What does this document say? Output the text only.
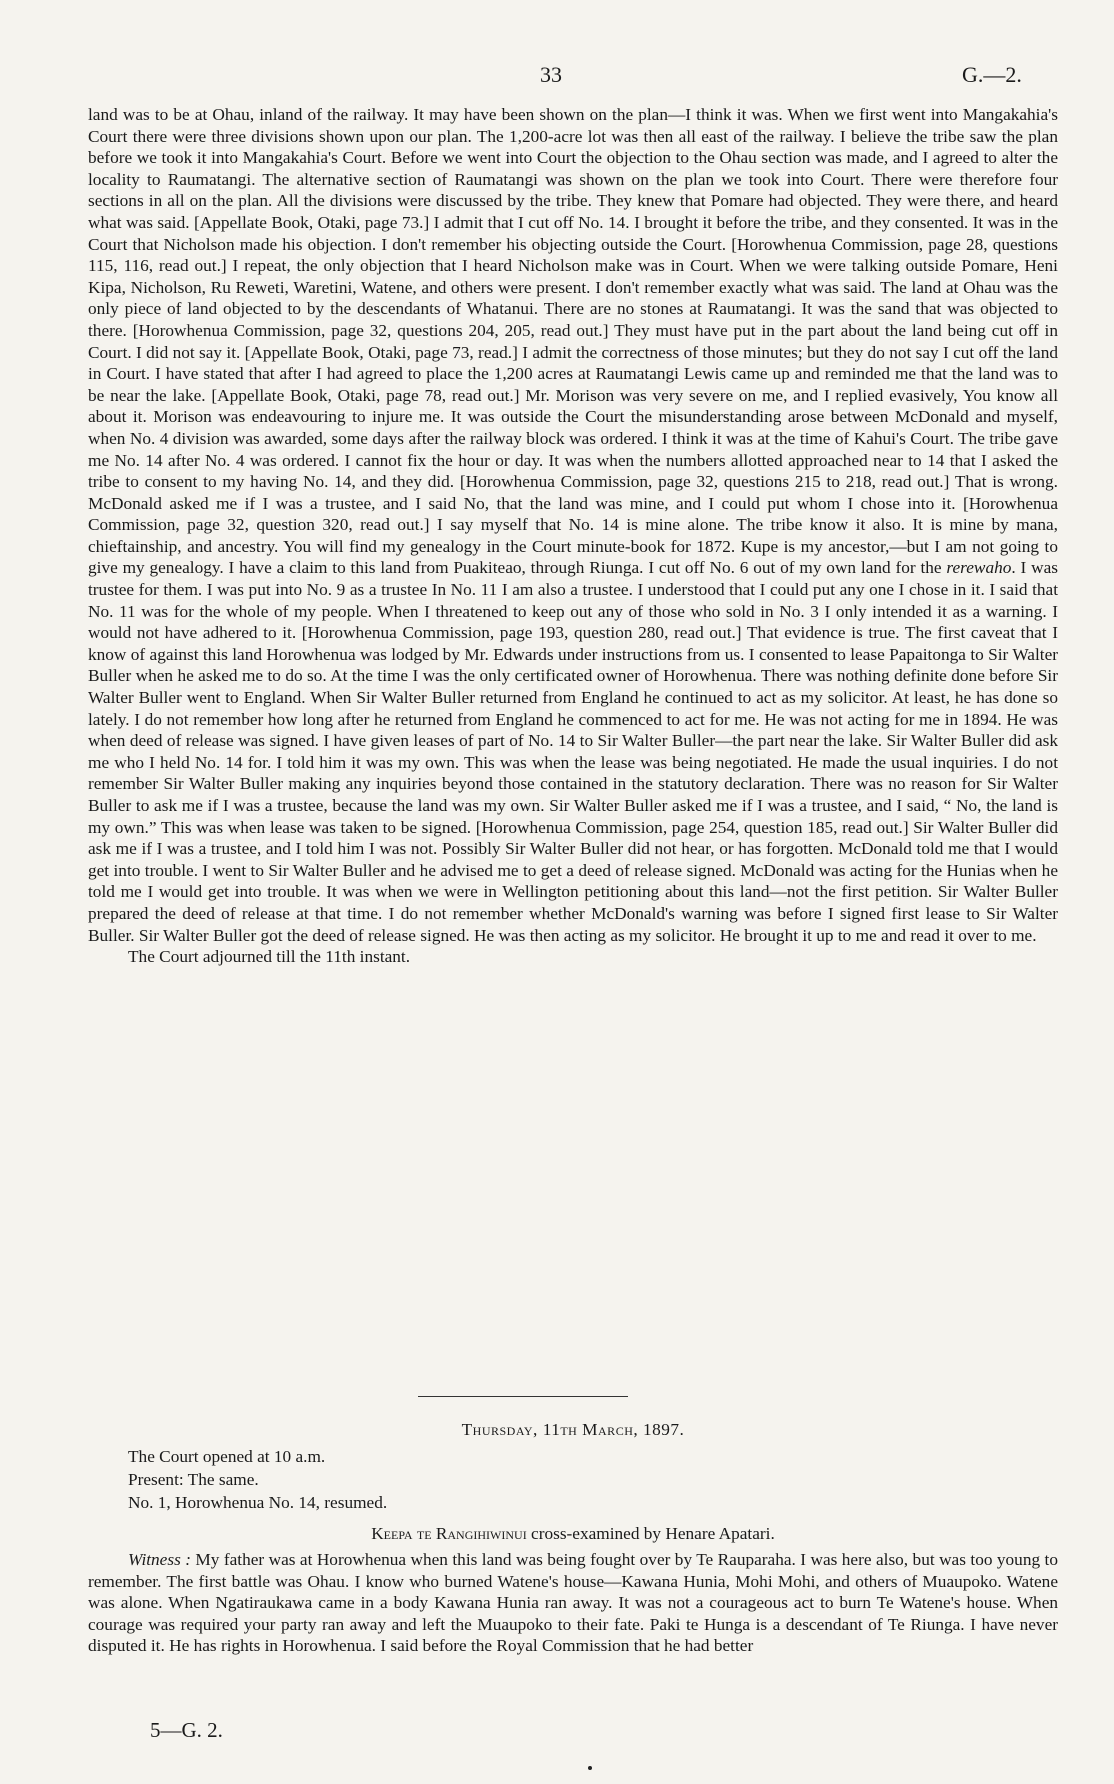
33	G.—2.

land was to be at Ohau, inland of the railway. It may have been shown on the plan—I think it was. When we first went into Mangakahia's Court there were three divisions shown upon our plan. The 1,200-acre lot was then all east of the railway. I believe the tribe saw the plan before we took it into Mangakahia's Court. Before we went into Court the objection to the Ohau section was made, and I agreed to alter the locality to Raumatangi. The alternative section of Raumatangi was shown on the plan we took into Court. There were therefore four sections in all on the plan. All the divisions were discussed by the tribe. They knew that Pomare had objected. They were there, and heard what was said. [Appellate Book, Otaki, page 73.] I admit that I cut off No. 14. I brought it before the tribe, and they consented. It was in the Court that Nicholson made his objection. I don't remember his objecting outside the Court. [Horowhenua Commission, page 28, questions 115, 116, read out.] I repeat, the only objection that I heard Nicholson make was in Court. When we were talking outside Pomare, Heni Kipa, Nicholson, Ru Reweti, Waretini, Watene, and others were present. I don't remember exactly what was said. The land at Ohau was the only piece of land objected to by the descendants of Whatanui. There are no stones at Raumatangi. It was the sand that was objected to there. [Horowhenua Commission, page 32, questions 204, 205, read out.] They must have put in the part about the land being cut off in Court. I did not say it. [Appellate Book, Otaki, page 73, read.] I admit the correctness of those minutes; but they do not say I cut off the land in Court. I have stated that after I had agreed to place the 1,200 acres at Raumatangi Lewis came up and reminded me that the land was to be near the lake. [Appellate Book, Otaki, page 78, read out.] Mr. Morison was very severe on me, and I replied evasively, You know all about it. Morison was endeavouring to injure me. It was outside the Court the misunderstanding arose between McDonald and myself, when No. 4 division was awarded, some days after the railway block was ordered. I think it was at the time of Kahui's Court. The tribe gave me No. 14 after No. 4 was ordered. I cannot fix the hour or day. It was when the numbers allotted approached near to 14 that I asked the tribe to consent to my having No. 14, and they did. [Horowhenua Commission, page 32, questions 215 to 218, read out.] That is wrong. McDonald asked me if I was a trustee, and I said No, that the land was mine, and I could put whom I chose into it. [Horowhenua Commission, page 32, question 320, read out.] I say myself that No. 14 is mine alone. The tribe know it also. It is mine by mana, chieftainship, and ancestry. You will find my genealogy in the Court minute-book for 1872. Kupe is my ancestor,—but I am not going to give my genealogy. I have a claim to this land from Puakiteao, through Riunga. I cut off No. 6 out of my own land for the rerewaho. I was trustee for them. I was put into No. 9 as a trustee In No. 11 I am also a trustee. I understood that I could put any one I chose in it. I said that No. 11 was for the whole of my people. When I threatened to keep out any of those who sold in No. 3 I only intended it as a warning. I would not have adhered to it. [Horowhenua Commission, page 193, question 280, read out.] That evidence is true. The first caveat that I know of against this land Horowhenua was lodged by Mr. Edwards under instructions from us. I consented to lease Papaitonga to Sir Walter Buller when he asked me to do so. At the time I was the only certificated owner of Horowhenua. There was nothing definite done before Sir Walter Buller went to England. When Sir Walter Buller returned from England he continued to act as my solicitor. At least, he has done so lately. I do not remember how long after he returned from England he commenced to act for me. He was not acting for me in 1894. He was when deed of release was signed. I have given leases of part of No. 14 to Sir Walter Buller—the part near the lake. Sir Walter Buller did ask me who I held No. 14 for. I told him it was my own. This was when the lease was being negotiated. He made the usual inquiries. I do not remember Sir Walter Buller making any inquiries beyond those contained in the statutory declaration. There was no reason for Sir Walter Buller to ask me if I was a trustee, because the land was my own. Sir Walter Buller asked me if I was a trustee, and I said, “ No, the land is my own.” This was when lease was taken to be signed. [Horowhenua Commission, page 254, question 185, read out.] Sir Walter Buller did ask me if I was a trustee, and I told him I was not. Possibly Sir Walter Buller did not hear, or has forgotten. McDonald told me that I would get into trouble. I went to Sir Walter Buller and he advised me to get a deed of release signed. McDonald was acting for the Hunias when he told me I would get into trouble. It was when we were in Wellington petitioning about this land—not the first petition. Sir Walter Buller prepared the deed of release at that time. I do not remember whether McDonald's warning was before I signed first lease to Sir Walter Buller. Sir Walter Buller got the deed of release signed. He was then acting as my solicitor. He brought it up to me and read it over to me.

The Court adjourned till the 11th instant.

Thursday, 11th March, 1897.

The Court opened at 10 a.m.

Present: The same.

No. 1, Horowhenua No. 14, resumed.

Keepa te Rangihiwinui cross-examined by Henare Apatari.

Witness : My father was at Horowhenua when this land was being fought over by Te Rauparaha. I was here also, but was too young to remember. The first battle was Ohau. I know who burned Watene's house—Kawana Hunia, Mohi Mohi, and others of Muaupoko. Watene was alone. When Ngatiraukawa came in a body Kawana Hunia ran away. It was not a courageous act to burn Te Watene's house. When courage was required your party ran away and left the Muaupoko to their fate. Paki te Hunga is a descendant of Te Riunga. I have never disputed it. He has rights in Horowhenua. I said before the Royal Commission that he had better

5—G. 2.
